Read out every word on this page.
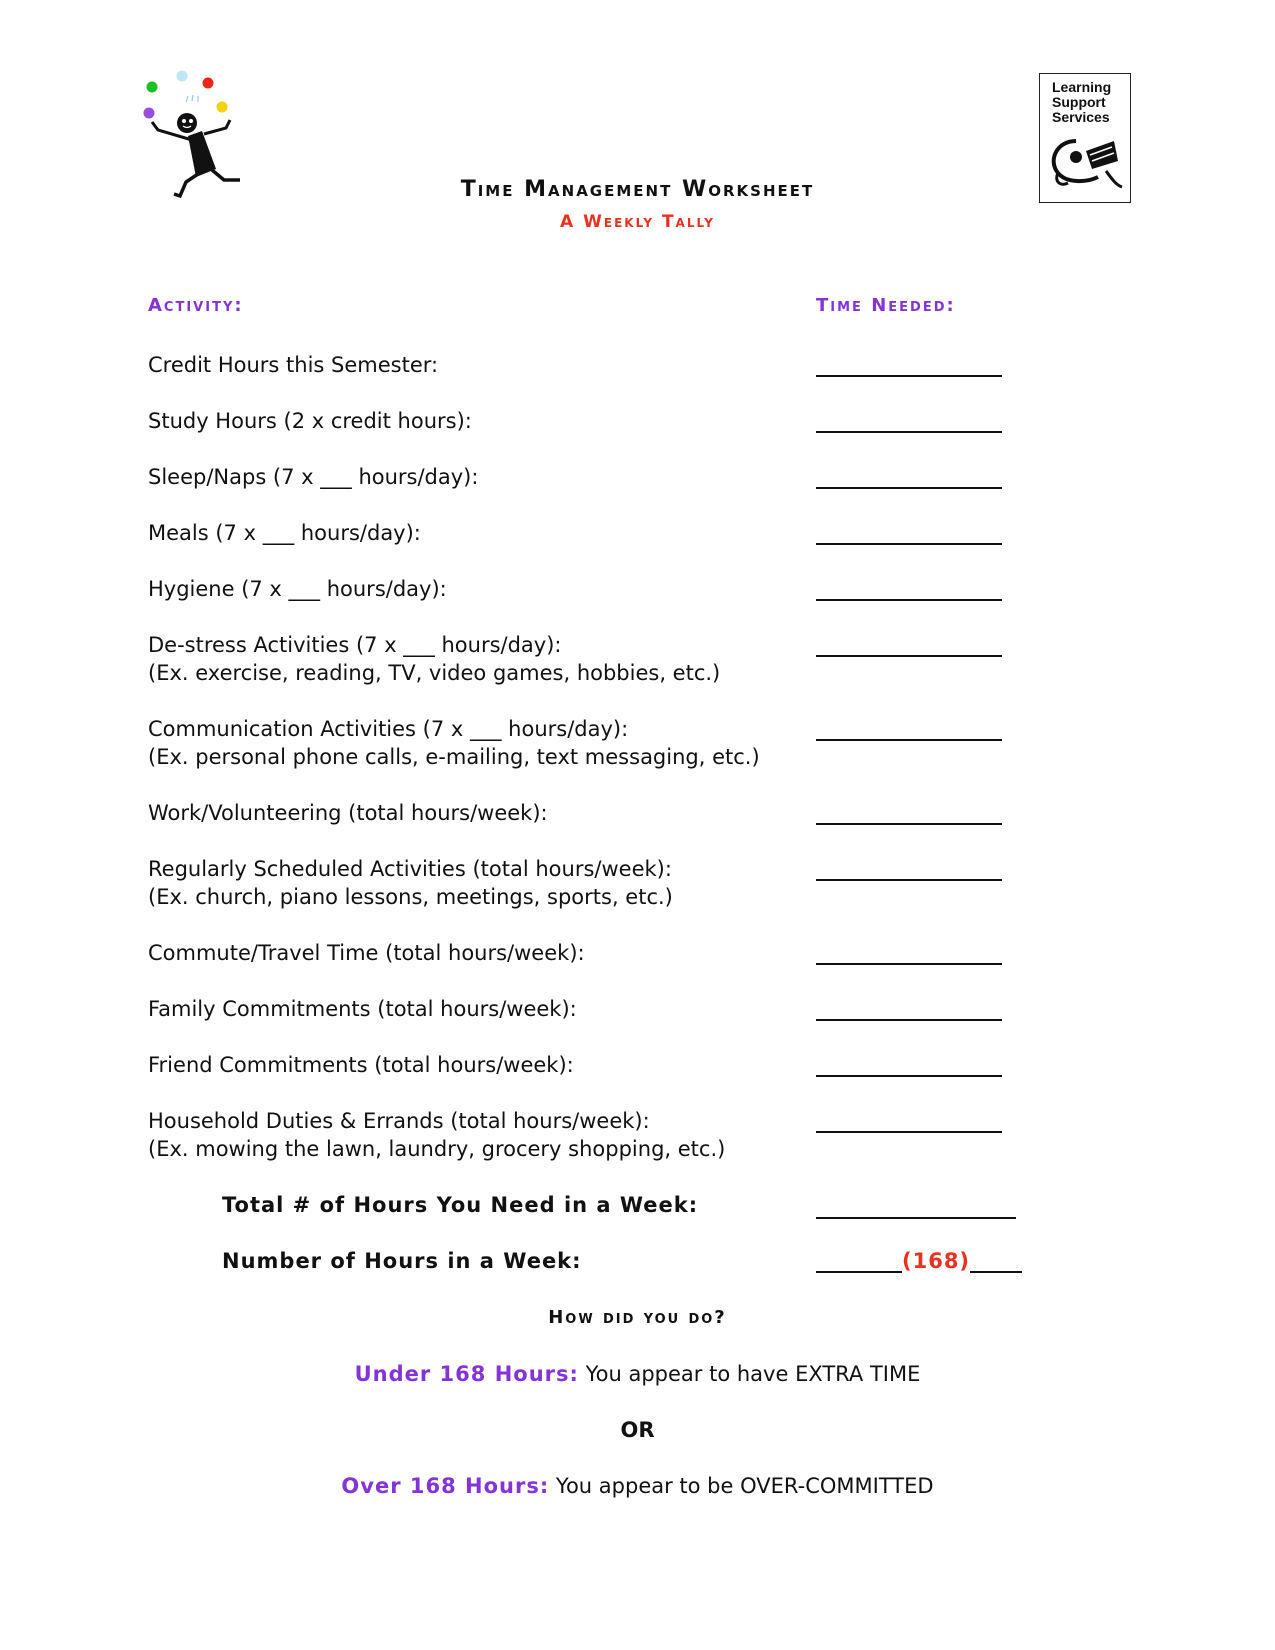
Learning
Support
Services
Time Management Worksheet
A Weekly Tally
Activity:	Time Needed:
Credit Hours this Semester:
Study Hours (2 x credit hours):
Sleep/Naps (7 x ___ hours/day):
Meals (7 x ___ hours/day):
Hygiene (7 x ___ hours/day):
De-stress Activities (7 x ___ hours/day):
(Ex. exercise, reading, TV, video games, hobbies, etc.)
Communication Activities (7 x ___ hours/day):
(Ex. personal phone calls, e-mailing, text messaging, etc.)
Work/Volunteering (total hours/week):
Regularly Scheduled Activities (total hours/week):
(Ex. church, piano lessons, meetings, sports, etc.)
Commute/Travel Time (total hours/week):
Family Commitments (total hours/week):
Friend Commitments (total hours/week):
Household Duties & Errands (total hours/week):
(Ex. mowing the lawn, laundry, grocery shopping, etc.)
Total # of Hours You Need in a Week:
Number of Hours in a Week:	(168)
How did you do?
Under 168 Hours: You appear to have EXTRA TIME
OR
Over 168 Hours: You appear to be OVER-COMMITTED
